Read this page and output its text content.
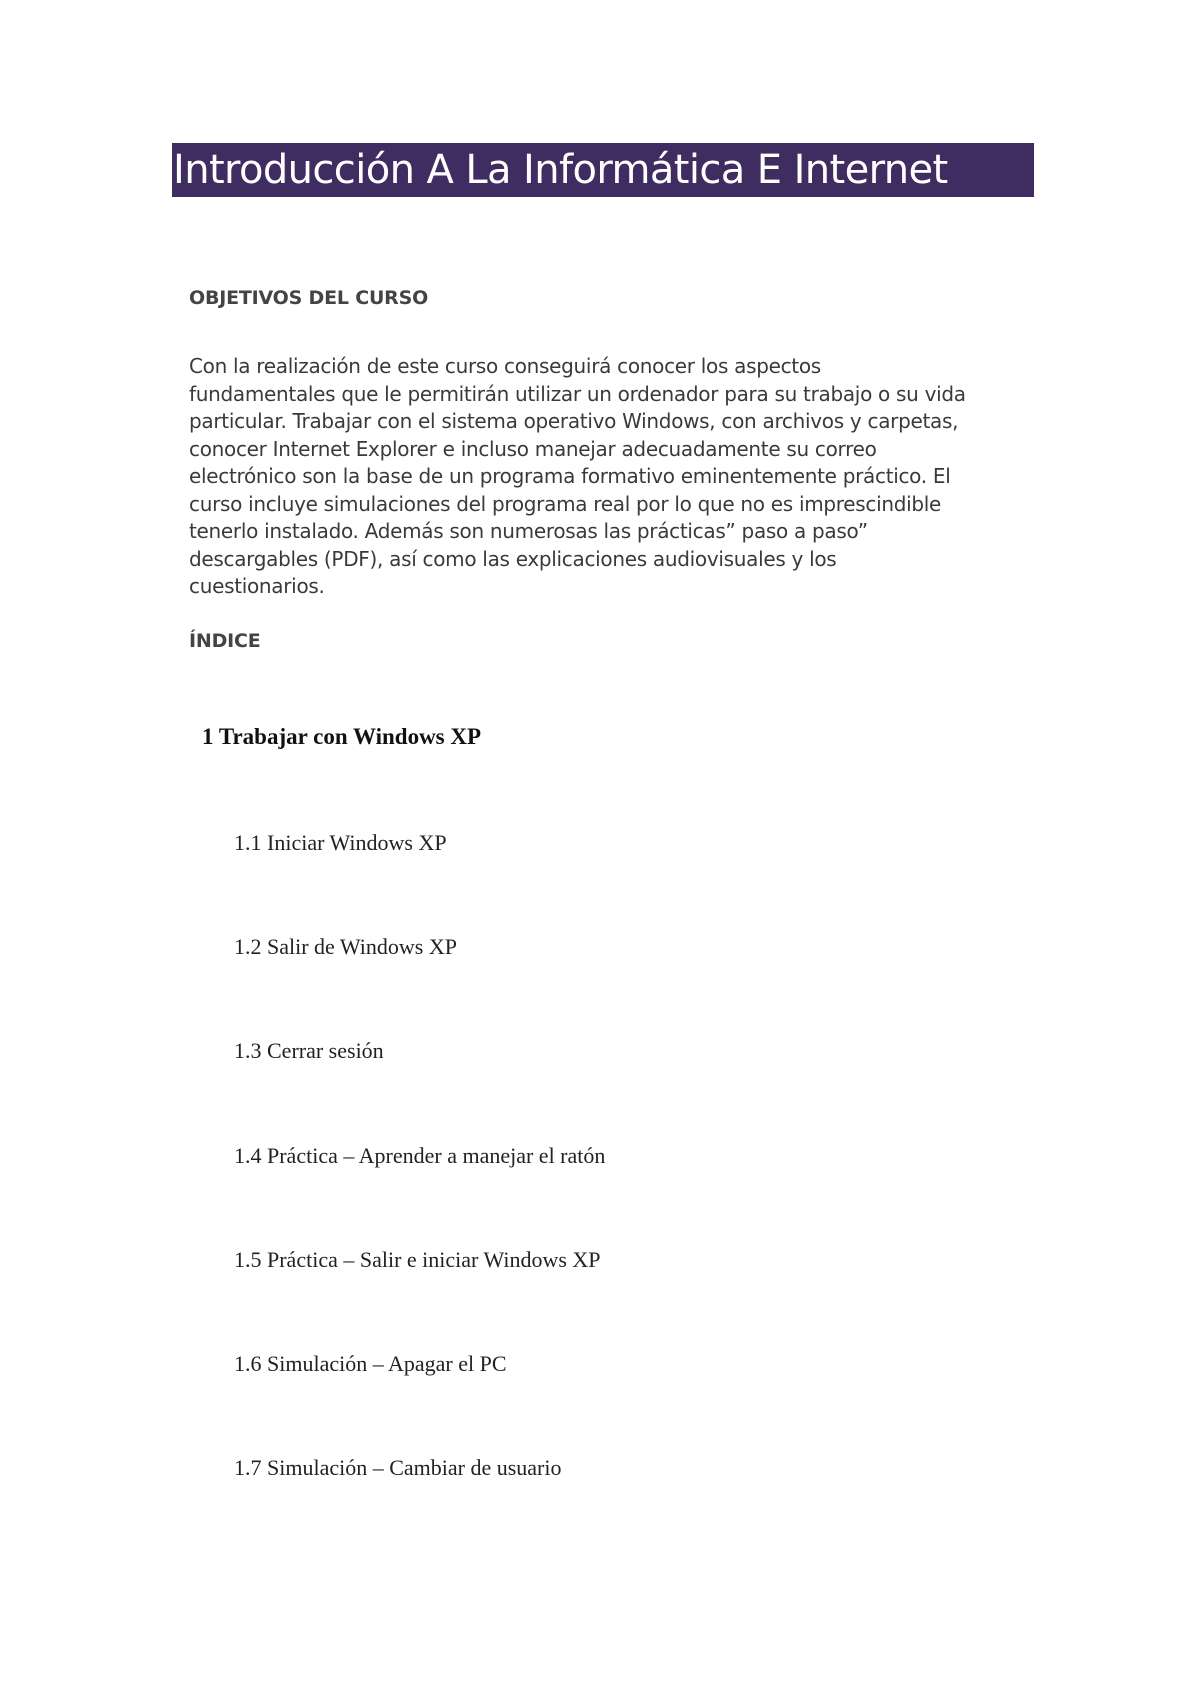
Introducción A La Informática E Internet
OBJETIVOS DEL CURSO
Con la realización de este curso conseguirá conocer los aspectos
fundamentales que le permitirán utilizar un ordenador para su trabajo o su vida
particular. Trabajar con el sistema operativo Windows, con archivos y carpetas,
conocer Internet Explorer e incluso manejar adecuadamente su correo
electrónico son la base de un programa formativo eminentemente práctico. El
curso incluye simulaciones del programa real por lo que no es imprescindible
tenerlo instalado. Además son numerosas las prácticas” paso a paso”
descargables (PDF), así como las explicaciones audiovisuales y los
cuestionarios.
ÍNDICE
1 Trabajar con Windows XP
1.1 Iniciar Windows XP
1.2 Salir de Windows XP
1.3 Cerrar sesión
1.4 Práctica – Aprender a manejar el ratón
1.5 Práctica – Salir e iniciar Windows XP
1.6 Simulación – Apagar el PC
1.7 Simulación – Cambiar de usuario
